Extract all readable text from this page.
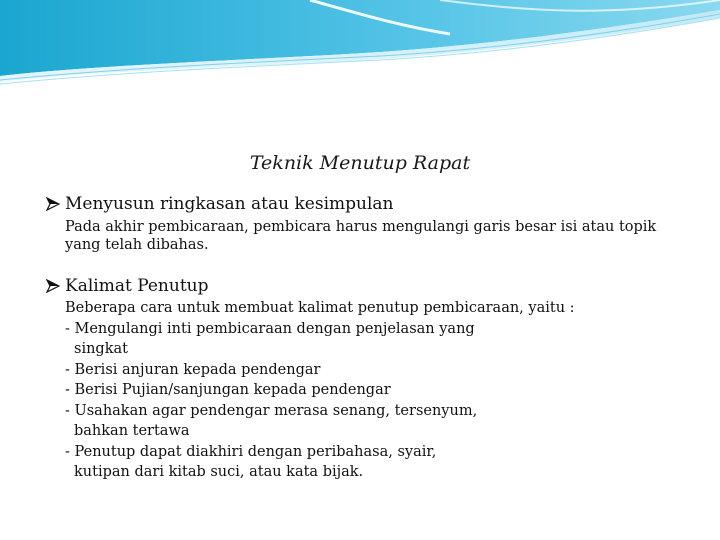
Teknik Menutup Rapat
Menyusun ringkasan atau kesimpulan
Pada akhir pembicaraan, pembicara harus mengulangi garis besar isi atau topik
yang telah dibahas.
Kalimat Penutup
Beberapa cara untuk membuat kalimat penutup pembicaraan, yaitu :
- Mengulangi inti pembicaraan dengan penjelasan yang
singkat
- Berisi anjuran kepada pendengar
- Berisi Pujian/sanjungan kepada pendengar
- Usahakan agar pendengar merasa senang, tersenyum,
bahkan tertawa
- Penutup dapat diakhiri dengan peribahasa, syair,
kutipan dari kitab suci, atau kata bijak.
